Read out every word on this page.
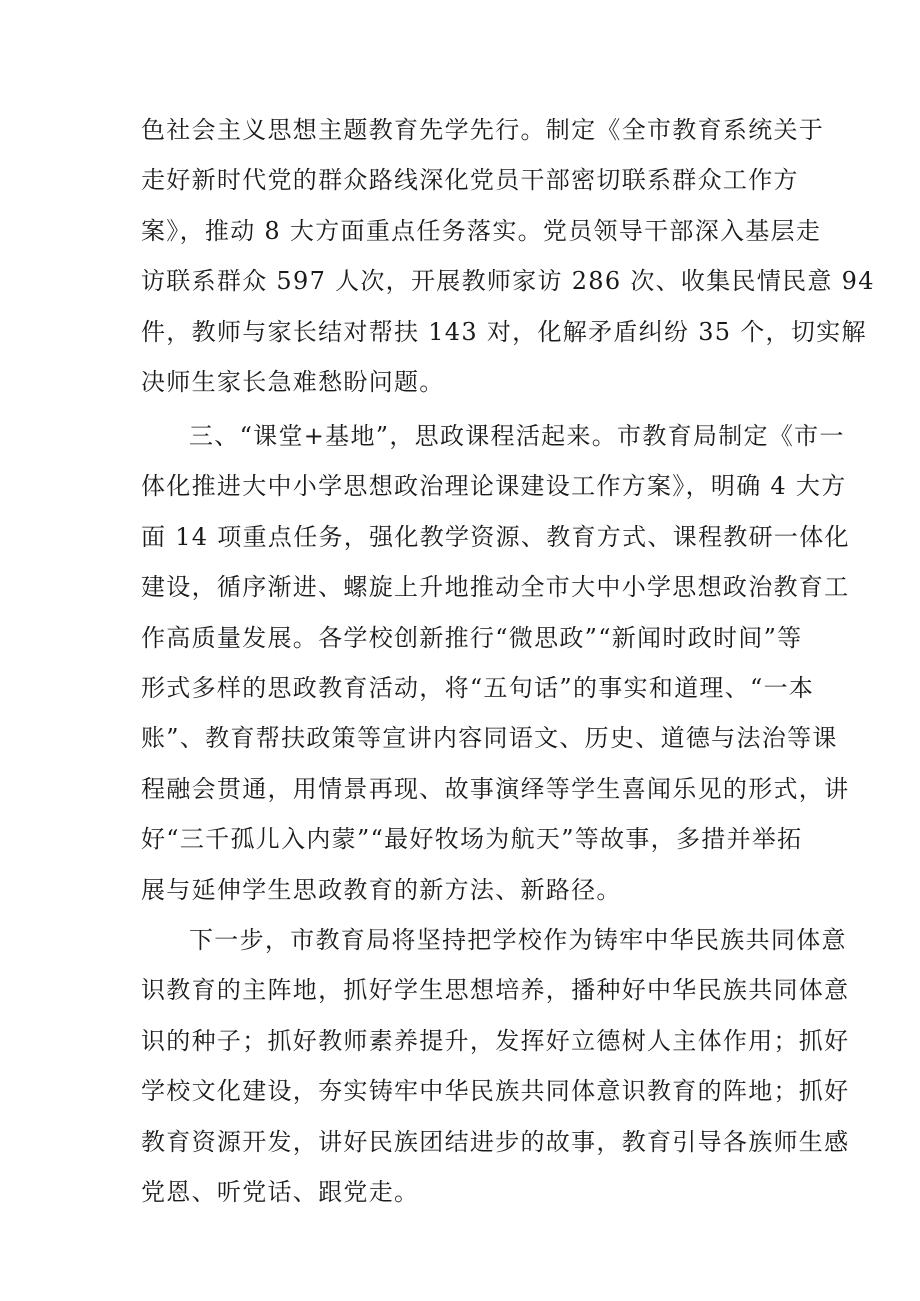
色社会主义思想主题教育先学先行。制定《全市教育系统关于
走好新时代党的群众路线深化党员干部密切联系群众工作方
案》，推动 8 大方面重点任务落实。党员领导干部深入基层走
访联系群众 597 人次，开展教师家访 286 次、收集民情民意 94
件，教师与家长结对帮扶 143 对，化解矛盾纠纷 35 个，切实解
决师生家长急难愁盼问题。
三、“课堂+基地”，思政课程活起来。市教育局制定《市一
体化推进大中小学思想政治理论课建设工作方案》，明确 4 大方
面 14 项重点任务，强化教学资源、教育方式、课程教研一体化
建设，循序渐进、螺旋上升地推动全市大中小学思想政治教育工
作高质量发展。各学校创新推行“微思政”“新闻时政时间”等
形式多样的思政教育活动，将“五句话”的事实和道理、“一本
账”、教育帮扶政策等宣讲内容同语文、历史、道德与法治等课
程融会贯通，用情景再现、故事演绎等学生喜闻乐见的形式，讲
好“三千孤儿入内蒙”“最好牧场为航天”等故事，多措并举拓
展与延伸学生思政教育的新方法、新路径。
下一步，市教育局将坚持把学校作为铸牢中华民族共同体意
识教育的主阵地，抓好学生思想培养，播种好中华民族共同体意
识的种子；抓好教师素养提升，发挥好立德树人主体作用；抓好
学校文化建设，夯实铸牢中华民族共同体意识教育的阵地；抓好
教育资源开发，讲好民族团结进步的故事，教育引导各族师生感
党恩、听党话、跟党走。
